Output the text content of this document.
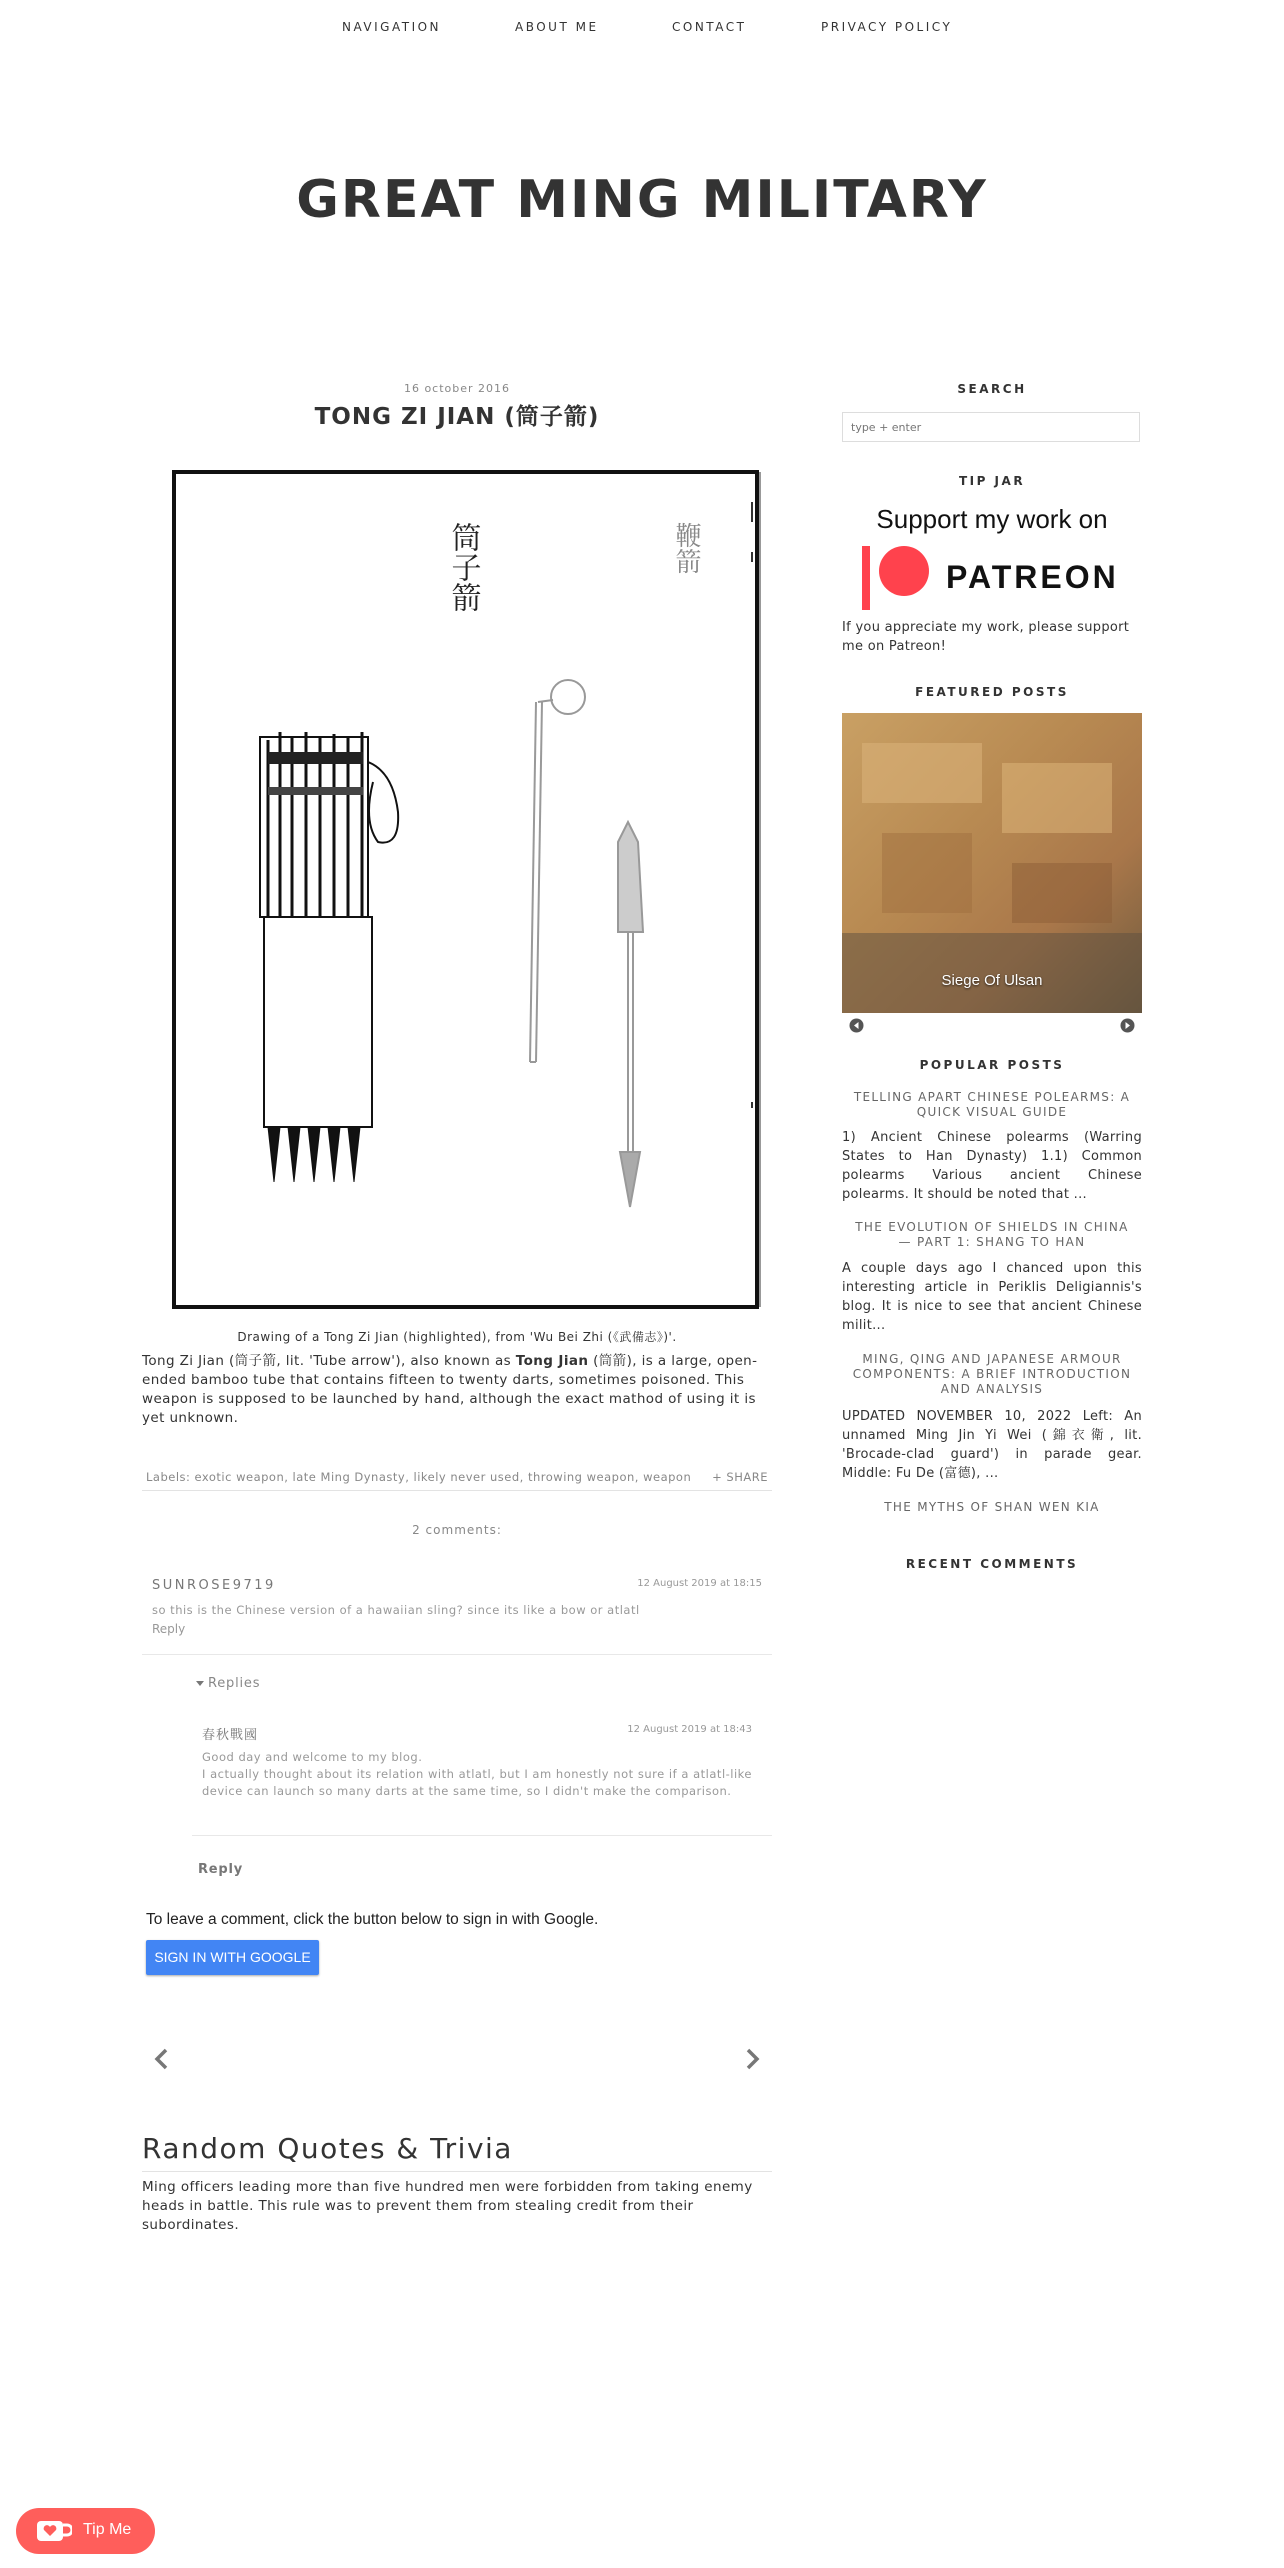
NAVIGATION	ABOUT ME	CONTACT	PRIVACY POLICY
GREAT MING MILITARY
16 october 2016
TONG ZI JIAN (筒子箭)
筒子箭	鞭箭
Drawing of a Tong Zi Jian (highlighted), from 'Wu Bei Zhi (《武備志》)'.
Tong Zi Jian (筒子箭, lit. 'Tube arrow'), also known as Tong Jian (筒箭), is a large, open-ended bamboo tube that contains fifteen to twenty darts, sometimes poisoned. This weapon is supposed to be launched by hand, although the exact mathod of using it is yet unknown.
Labels: exotic weapon, late Ming Dynasty, likely never used, throwing weapon, weapon + SHARE
2 comments:
SUNROSE9719	12 August 2019 at 18:15
so this is the Chinese version of a hawaiian sling? since its like a bow or atlatl
Reply
Replies
春秋戰國	12 August 2019 at 18:43
Good day and welcome to my blog.
I actually thought about its relation with atlatl, but I am honestly not sure if a atlatl-like device can launch so many darts at the same time, so I didn't make the comparison.
Reply
To leave a comment, click the button below to sign in with Google.
SIGN IN WITH GOOGLE
Random Quotes & Trivia
Ming officers leading more than five hundred men were forbidden from taking enemy heads in battle. This rule was to prevent them from stealing credit from their subordinates.
SEARCH
type + enter
TIP JAR
Support my work on
PATREON
If you appreciate my work, please support me on Patreon!
FEATURED POSTS
Siege Of Ulsan
POPULAR POSTS
TELLING APART CHINESE POLEARMS: A QUICK VISUAL GUIDE
1) Ancient Chinese polearms (Warring States to Han Dynasty) 1.1) Common polearms Various ancient Chinese polearms. It should be noted that ...
THE EVOLUTION OF SHIELDS IN CHINA — PART 1: SHANG TO HAN
A couple days ago I chanced upon this interesting article in Periklis Deligiannis's blog. It is nice to see that ancient Chinese milit...
MING, QING AND JAPANESE ARMOUR COMPONENTS: A BRIEF INTRODUCTION AND ANALYSIS
UPDATED NOVEMBER 10, 2022 Left: An unnamed Ming Jin Yi Wei (錦衣衛, lit. 'Brocade-clad guard') in parade gear. Middle: Fu De (富德), ...
THE MYTHS OF SHAN WEN KIA
RECENT COMMENTS
Tip Me
